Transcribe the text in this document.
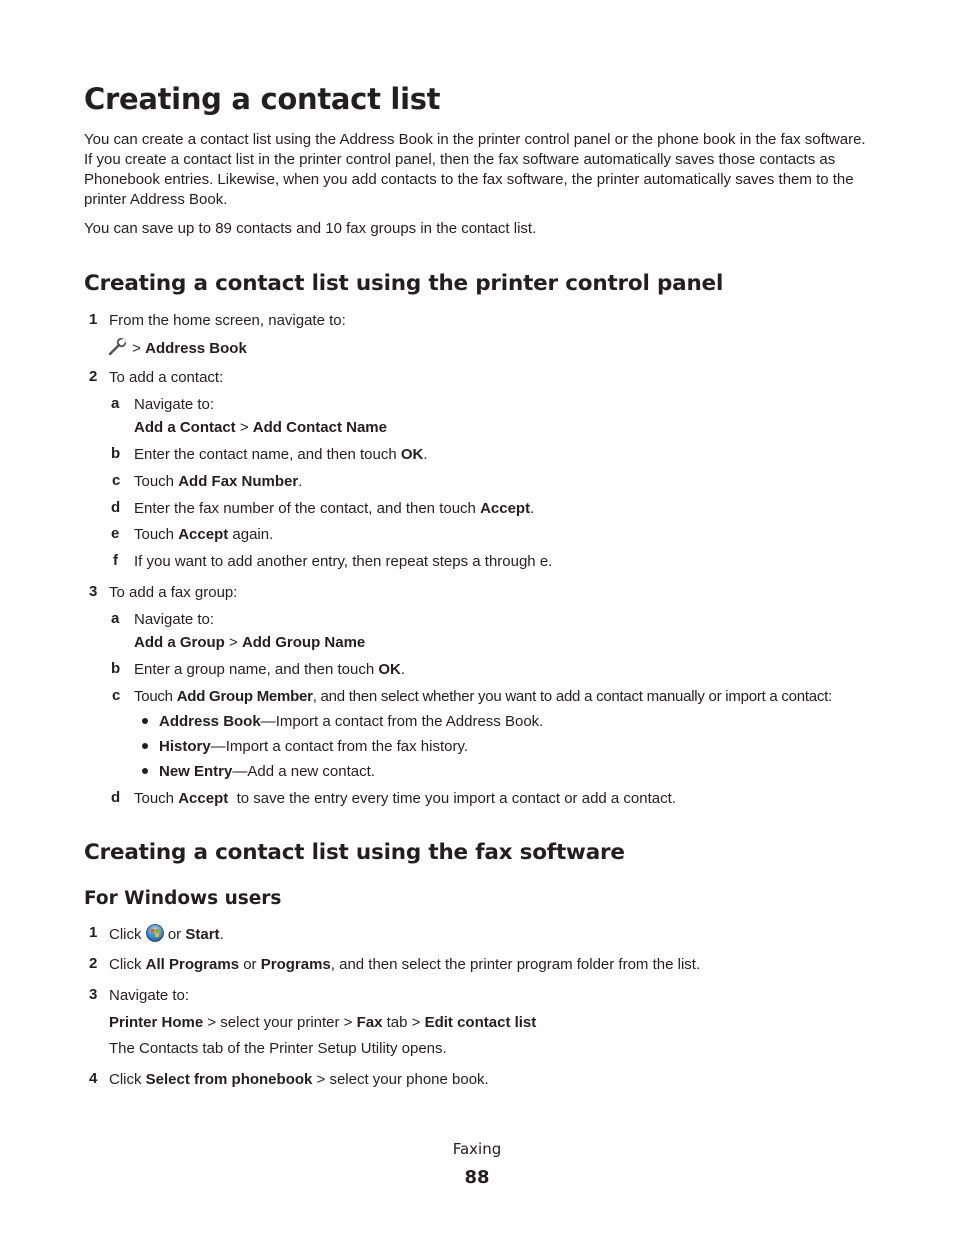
Creating a contact list
You can create a contact list using the Address Book in the printer control panel or the phone book in the fax software. If you create a contact list in the printer control panel, then the fax software automatically saves those contacts as Phonebook entries. Likewise, when you add contacts to the fax software, the printer automatically saves them to the printer Address Book.
You can save up to 89 contacts and 10 fax groups in the contact list.
Creating a contact list using the printer control panel
1 From the home screen, navigate to:
> Address Book
2 To add a contact:
a Navigate to:
Add a Contact > Add Contact Name
b Enter the contact name, and then touch OK.
c Touch Add Fax Number.
d Enter the fax number of the contact, and then touch Accept.
e Touch Accept again.
f If you want to add another entry, then repeat steps a through e.
3 To add a fax group:
a Navigate to:
Add a Group > Add Group Name
b Enter a group name, and then touch OK.
c Touch Add Group Member, and then select whether you want to add a contact manually or import a contact:
Address Book—Import a contact from the Address Book.
History—Import a contact from the fax history.
New Entry—Add a new contact.
d Touch Accept  to save the entry every time you import a contact or add a contact.
Creating a contact list using the fax software
For Windows users
1 Click  or Start.
2 Click All Programs or Programs, and then select the printer program folder from the list.
3 Navigate to:
Printer Home > select your printer > Fax tab > Edit contact list
The Contacts tab of the Printer Setup Utility opens.
4 Click Select from phonebook > select your phone book.
Faxing
88
